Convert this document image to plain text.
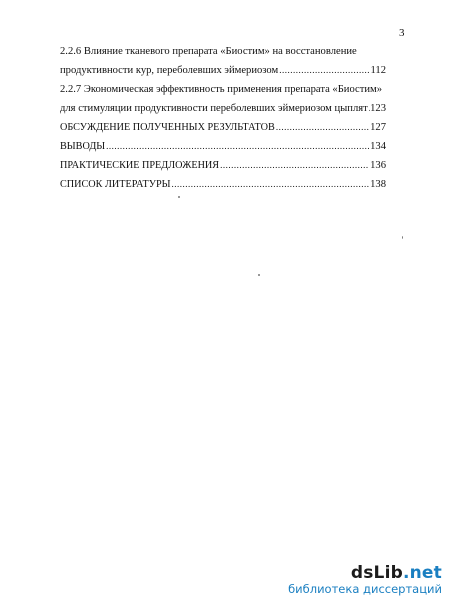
3
2.2.6 Влияние тканевого препарата «Биостим» на восстановление
продуктивности кур, переболевших эймериозом .....	112
2.2.7 Экономическая эффективность применения препарата «Биостим»
для стимуляции продуктивности переболевших эймериозом цыплят ..... 123
ОБСУЖДЕНИЕ ПОЛУЧЕННЫХ РЕЗУЛЬТАТОВ .....	127
ВЫВОДЫ .....	134
ПРАКТИЧЕСКИЕ ПРЕДЛОЖЕНИЯ .....	136
СПИСОК ЛИТЕРАТУРЫ .....	138
dsLib.net
библиотека диссертаций
